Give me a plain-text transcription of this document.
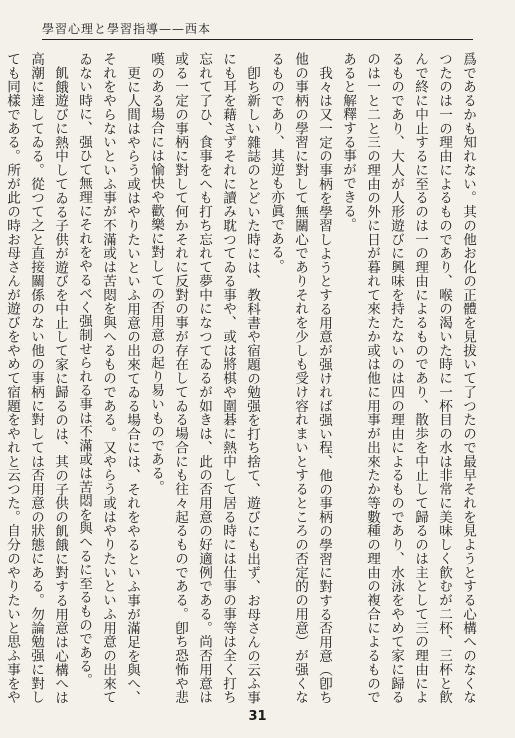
學習心理と學習指導——西本

爲であるかも知れない。其の他お化の正體を見拔いて了つたので最早それを見ようとする心構へのなくなつたのは一の理由によるものであり、喉の渴いた時に一杯目の水は非常に美味しく飮むが二杯、三杯と飮んで終に中止するに至るのは一の理由によるものであり、散歩を中止して歸るのは主として三の理由によるものであり、大人が人形遊びに興味を持たないのは四の理由によるものであり、水泳をやめて家に歸るのは一と二と三の理由の外に日が暮れて來たか或は他に用事が出來たか等數種の理由の複合によるものであると解釋する事ができる。

我々は又一定の事柄を學習しようとする用意が强ければ强い程、他の事柄の學習に對する否用意（卽ち他の事柄の學習に對して無關心でありそれを少しも受け容れまいとするところの否定的の用意）が强くなるものであり、其逆も亦眞である。

卽ち新しい雜誌のとどいた時には、教科書や宿題の勉强を打ち捨て、遊びにも出ず、お母さんの云ふ事にも耳を藉さずそれに讀み耽つてゐる事や、或は將棋や圍碁に熱中して居る時には仕事の事等は全く打ち忘れて了ひ、食事をへも打ち忘れて夢中になつてゐるが如きは、此の否用意の好適例である。尚否用意は或る一定の事柄に對して何かそれに反對の事が存在してゐる場合にも往々起るものである。卽ち恐怖や悲嘆のある場合には愉快や歡樂に對しての否用意の起り易いものである。

更に人間はやらう或はやりたいといふ用意の出來てゐる場合には、それをやるといふ事が滿足を與へ、それをやらないといふ事が不滿或は苦悶を與へるものである。又やらう或はやりたいといふ用意の出來てゐない時に、强ひて無理にそれをやるべく强制せられる事は不滿或は苦悶を與へるに至るものである。

飢餓遊びに熱中してゐる子供が遊びを中止して家に歸るのは、其の子供の飢餓に對する用意は心構へは高潮に達してゐる。從つて之と直接關係のない他の事柄に對しては否用意の狀態にある。勿論勉强に對しても同樣である。所が此の時お母さんが遊びをやめて宿題をやれと云つた。自分のやりたいと思ふ事をや

31
